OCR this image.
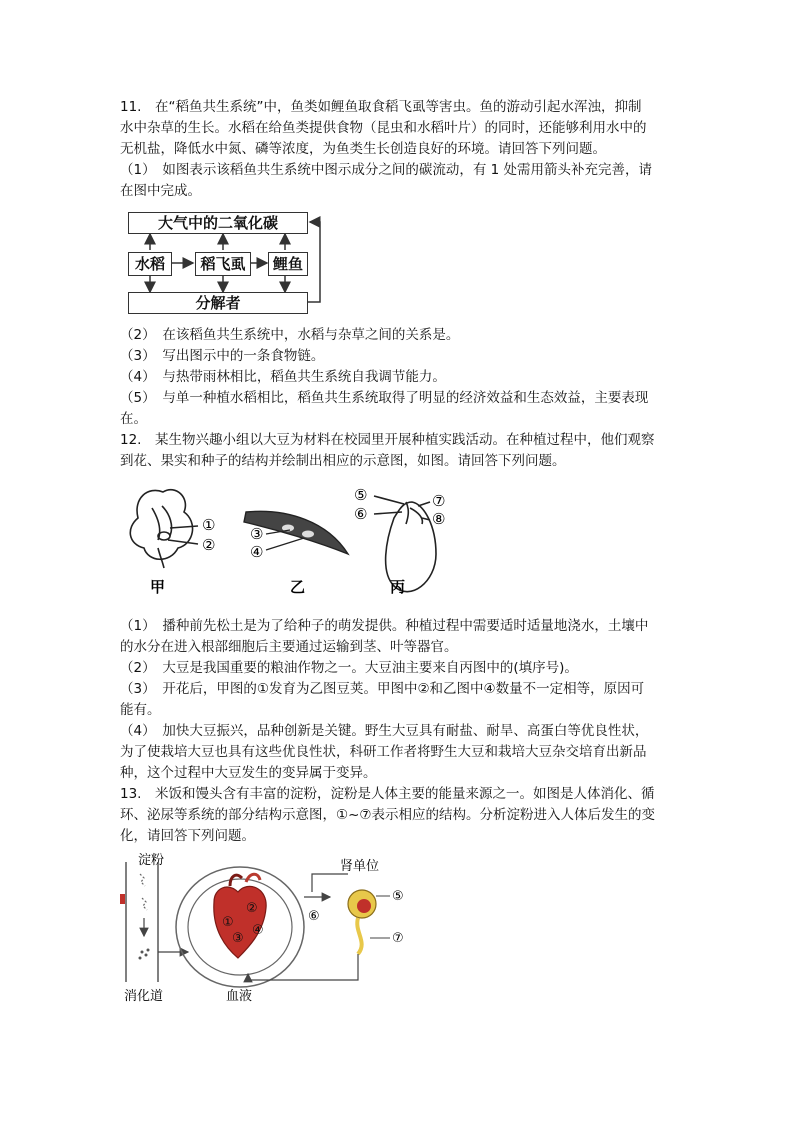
11.　在“稻鱼共生系统”中，鱼类如鲤鱼取食稻飞虱等害虫。鱼的游动引起水浑浊，抑制
水中杂草的生长。水稻在给鱼类提供食物（昆虫和水稻叶片）的同时，还能够利用水中的
无机盐，降低水中氮、磷等浓度，为鱼类生长创造良好的环境。请回答下列问题。
（1）　如图表示该稻鱼共生系统中图示成分之间的碳流动，有 1 处需用箭头补充完善，请
在图中完成。
大气中的二氧化碳
水稻	稻飞虱	鲤鱼
分解者
（2）　在该稻鱼共生系统中，水稻与杂草之间的关系是。
（3）　写出图示中的一条食物链。
（4）　与热带雨林相比，稻鱼共生系统自我调节能力。
（5）　与单一种植水稻相比，稻鱼共生系统取得了明显的经济效益和生态效益，主要表现
在。
12.　某生物兴趣小组以大豆为材料在校园里开展种植实践活动。在种植过程中，他们观察
到花、果实和种子的结构并绘制出相应的示意图，如图。请回答下列问题。
①
②
③
④
⑤
⑥
⑦
⑧
甲	乙	丙
（1）　播种前先松土是为了给种子的萌发提供。种植过程中需要适时适量地浇水，土壤中
的水分在进入根部细胞后主要通过运输到茎、叶等器官。
（2）　大豆是我国重要的粮油作物之一。大豆油主要来自丙图中的(填序号)。
（3）　开花后，甲图的①发育为乙图豆荚。甲图中②和乙图中④数量不一定相等，原因可
能有。
（4）　加快大豆振兴，品种创新是关键。野生大豆具有耐盐、耐旱、高蛋白等优良性状，
为了使栽培大豆也具有这些优良性状，科研工作者将野生大豆和栽培大豆杂交培育出新品
种，这个过程中大豆发生的变异属于变异。
13.　米饭和馒头含有丰富的淀粉，淀粉是人体主要的能量来源之一。如图是人体消化、循
环、泌尿等系统的部分结构示意图，①~⑦表示相应的结构。分析淀粉进入人体后发生的变
化，请回答下列问题。
淀粉	肾单位
血液
消化道
①
②
③
④
⑤
⑥
⑦
